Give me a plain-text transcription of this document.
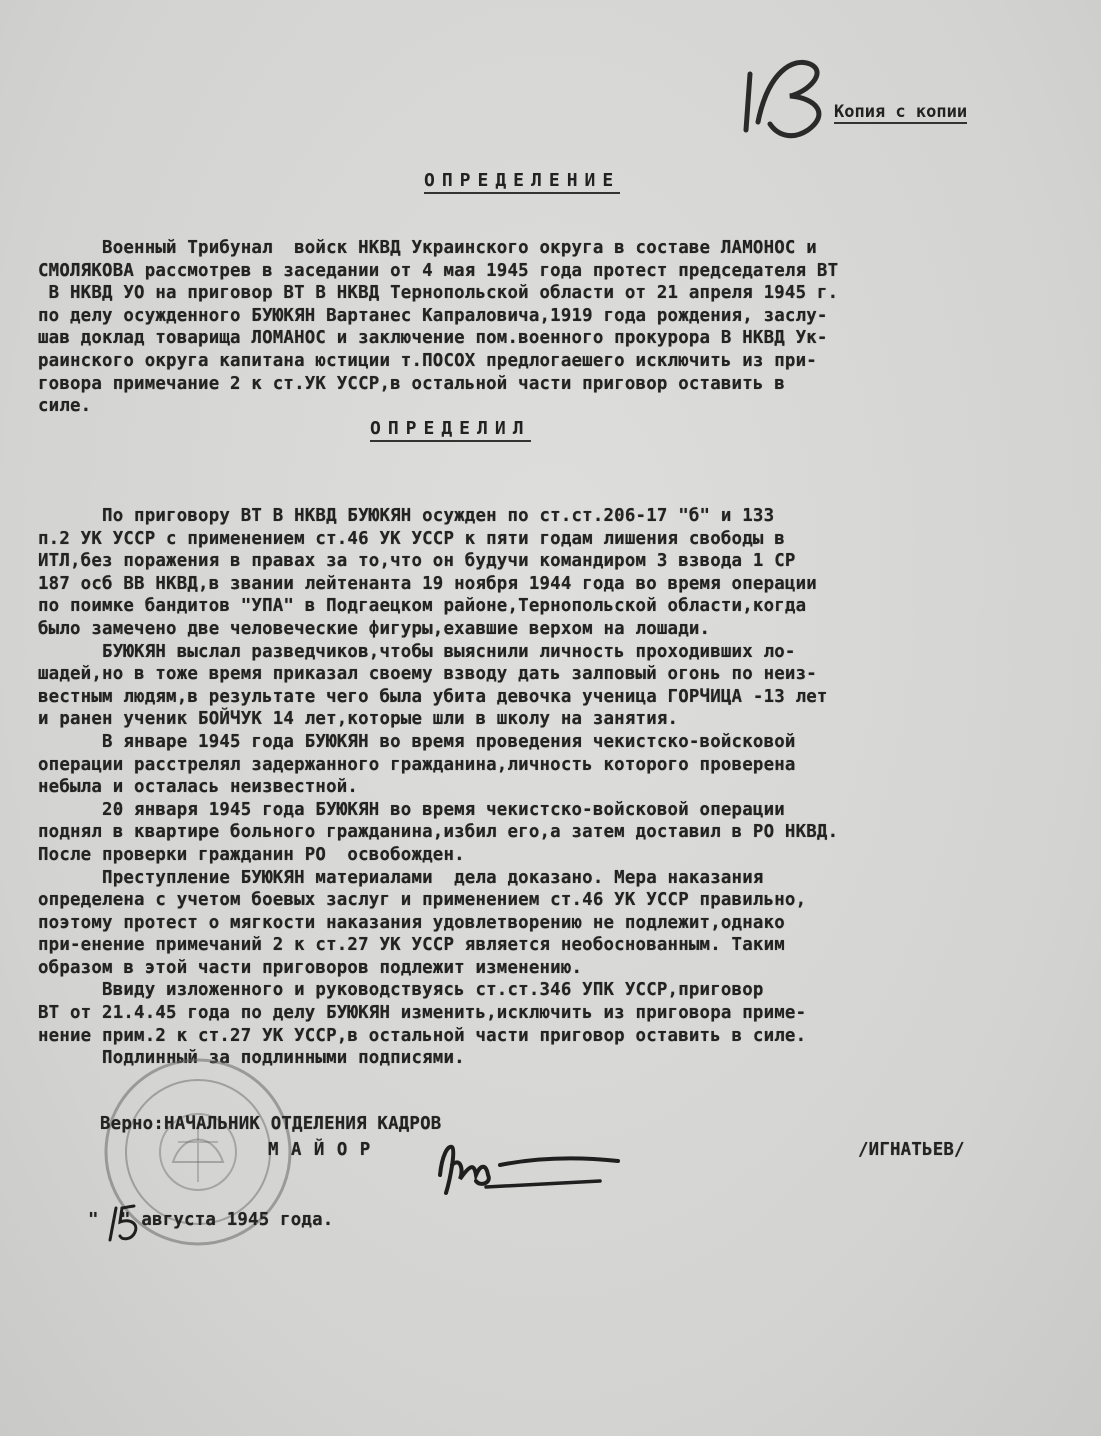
Копия с копии
ОПРЕДЕЛЕНИЕ
Военный Трибунал  войск НКВД Украинского округа в составе ЛАМОНОС и
СМОЛЯКОВА рассмотрев в заседании от 4 мая 1945 года протест председателя ВТ
В НКВД УО на приговор ВТ В НКВД Тернопольской области от 21 апреля 1945 г.
по делу осужденного БУЮКЯН Вартанес Капраловича,1919 года рождения, заслу-
шав доклад товарища ЛОМАНОС и заключение пом.военного прокурора В НКВД Ук-
раинского округа капитана юстиции т.ПОСОХ предлогаешего исключить из при-
говора примечание 2 к ст.УК УССР,в остальной части приговор оставить в
силе.
ОПРЕДЕЛИЛ
По приговору ВТ В НКВД БУЮКЯН осужден по ст.ст.206-17 "б" и 133
п.2 УК УССР с применением ст.46 УК УССР к пяти годам лишения свободы в
ИТЛ,без поражения в правах за то,что он будучи командиром 3 взвода 1 СР
187 осб ВВ НКВД,в звании лейтенанта 19 ноября 1944 года во время операции
по поимке бандитов "УПА" в Подгаецком районе,Тернопольской области,когда
было замечено две человеческие фигуры,ехавшие верхом на лошади.
БУЮКЯН выслал разведчиков,чтобы выяснили личность проходивших ло-
шадей,но в тоже время приказал своему взводу дать залповый огонь по неиз-
вестным людям,в результате чего была убита девочка ученица ГОРЧИЦА -13 лет
и ранен ученик БОЙЧУК 14 лет,которые шли в школу на занятия.
В январе 1945 года БУЮКЯН во время проведения чекистско-войсковой
операции расстрелял задержанного гражданина,личность которого проверена
небыла и осталась неизвестной.
20 января 1945 года БУЮКЯН во время чекистско-войсковой операции
поднял в квартире больного гражданина,избил его,а затем доставил в РО НКВД.
После проверки гражданин РО  освобожден.
Преступление БУЮКЯН материалами  дела доказано. Мера наказания
определена с учетом боевых заслуг и применением ст.46 УК УССР правильно,
поэтому протест о мягкости наказания удовлетворению не подлежит,однако
при-енение примечаний 2 к ст.27 УК УССР является необоснованным. Таким
образом в этой части приговоров подлежит изменению.
Ввиду изложенного и руководствуясь ст.ст.346 УПК УССР,приговор
ВТ от 21.4.45 года по делу БУЮКЯН изменить,исключить из приговора приме-
нение прим.2 к ст.27 УК УССР,в остальной части приговор оставить в силе.
Подлинный за подлинными подписями.
Верно:НАЧАЛЬНИК ОТДЕЛЕНИЯ КАДРОВ
М А Й О Р	/ИГНАТЬЕВ/
"  " августа 1945 года.
